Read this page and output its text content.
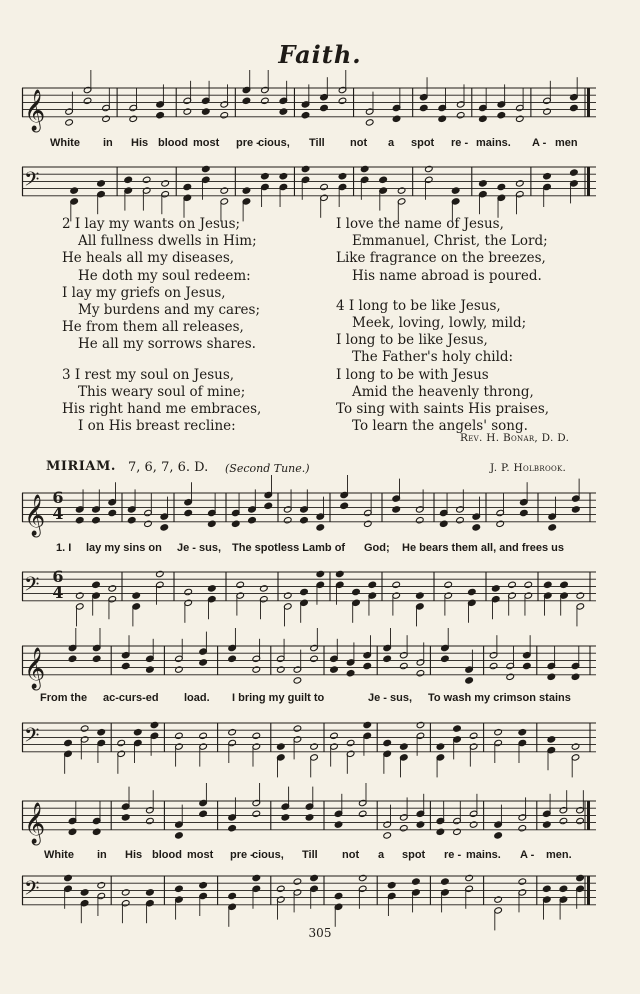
Faith.
𝄞
White in His blood most pre -
cious, Till not a spot re - mains. A - men
𝄢
2 I lay my wants on Jesus;
All fullness dwells in Him;
He heals all my diseases,
He doth my soul redeem:
I lay my griefs on Jesus,
My burdens and my cares;
He from them all releases,
He all my sorrows shares.
3 I rest my soul on Jesus,
This weary soul of mine;
His right hand me embraces,
I on His breast recline:
I love the name of Jesus,
Emmanuel, Christ, the Lord;
Like fragrance on the breezes,
His name abroad is poured.
4 I long to be like Jesus,
Meek, loving, lowly, mild;
I long to be like Jesus,
The Father's holy child:
I long to be with Jesus
Amid the heavenly throng,
To sing with saints His praises,
To learn the angels' song.
Rev. H. Bonar, D. D.
MIRIAM. 7, 6, 7, 6. D. (Second Tune.)	J. P. Holbrook.
𝄞
1. I lay my sins on Je - sus, The spotless Lamb of God; He bears them all, and frees us
𝄢
6
4
6
4
𝄞
From the ac-curs-ed load. I bring my guilt to	Je - sus, To wash my crimson stains
𝄢
𝄞
White in His blood most pre -
cious, Till not a spot re - mains. A - men.
𝄢
305
